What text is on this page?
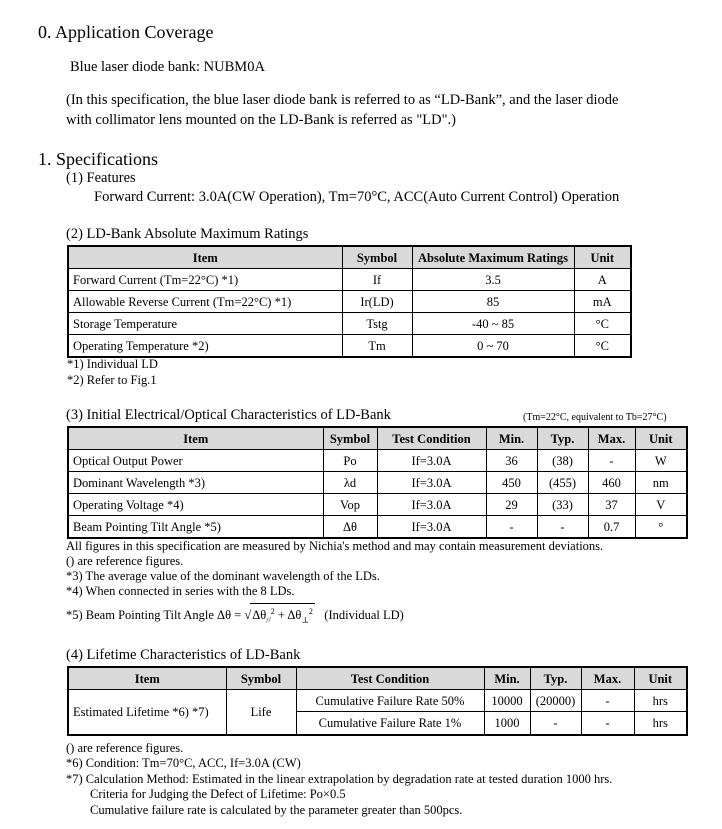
0. Application Coverage
Blue laser diode bank: NUBM0A
(In this specification, the blue laser diode bank is referred to as “LD-Bank”, and the laser diode
with collimator lens mounted on the LD-Bank is referred as "LD".)
1. Specifications
(1) Features
Forward Current: 3.0A(CW Operation), Tm=70°C, ACC(Auto Current Control) Operation
(2) LD-Bank Absolute Maximum Ratings
Item	Symbol	Absolute Maximum Ratings	Unit
Forward Current (Tm=22°C) *1)	If	3.5	A
Allowable Reverse Current (Tm=22°C) *1)	Ir(LD)	85	mA
Storage Temperature	Tstg	-40 ~ 85	°C
Operating Temperature *2)	Tm	0 ~ 70	°C
*1) Individual LD
*2) Refer to Fig.1
(3) Initial Electrical/Optical Characteristics of LD-Bank	(Tm=22°C, equivalent to Tb=27°C)
Item	Symbol	Test Condition	Min.	Typ.	Max.	Unit
Optical Output Power	Po	If=3.0A	36	(38)	-	W
Dominant Wavelength *3)	λd	If=3.0A	450	(455)	460	nm
Operating Voltage *4)	Vop	If=3.0A	29	(33)	37	V
Beam Pointing Tilt Angle *5)	Δθ	If=3.0A	-	-	0.7	°
All figures in this specification are measured by Nichia's method and may contain measurement deviations.
() are reference figures.
*3) The average value of the dominant wavelength of the LDs.
*4) When connected in series with the 8 LDs.
*5) Beam Pointing Tilt Angle $\Delta\theta = √\Delta\theta_{//}^2 + \Delta\theta_\perp^2$ (Individual LD)
(4) Lifetime Characteristics of LD-Bank
Item	Symbol	Test Condition	Min.	Typ.	Max.	Unit
Estimated Lifetime *6) *7)	Life	Cumulative Failure Rate 50%	10000	(20000)	-	hrs
		Cumulative Failure Rate 1%	1000	-	-	hrs
() are reference figures.
*6) Condition: Tm=70°C, ACC, If=3.0A (CW)
*7) Calculation Method: Estimated in the linear extrapolation by degradation rate at tested duration 1000 hrs.
Criteria for Judging the Defect of Lifetime: Po×0.5
Cumulative failure rate is calculated by the parameter greater than 500pcs.
